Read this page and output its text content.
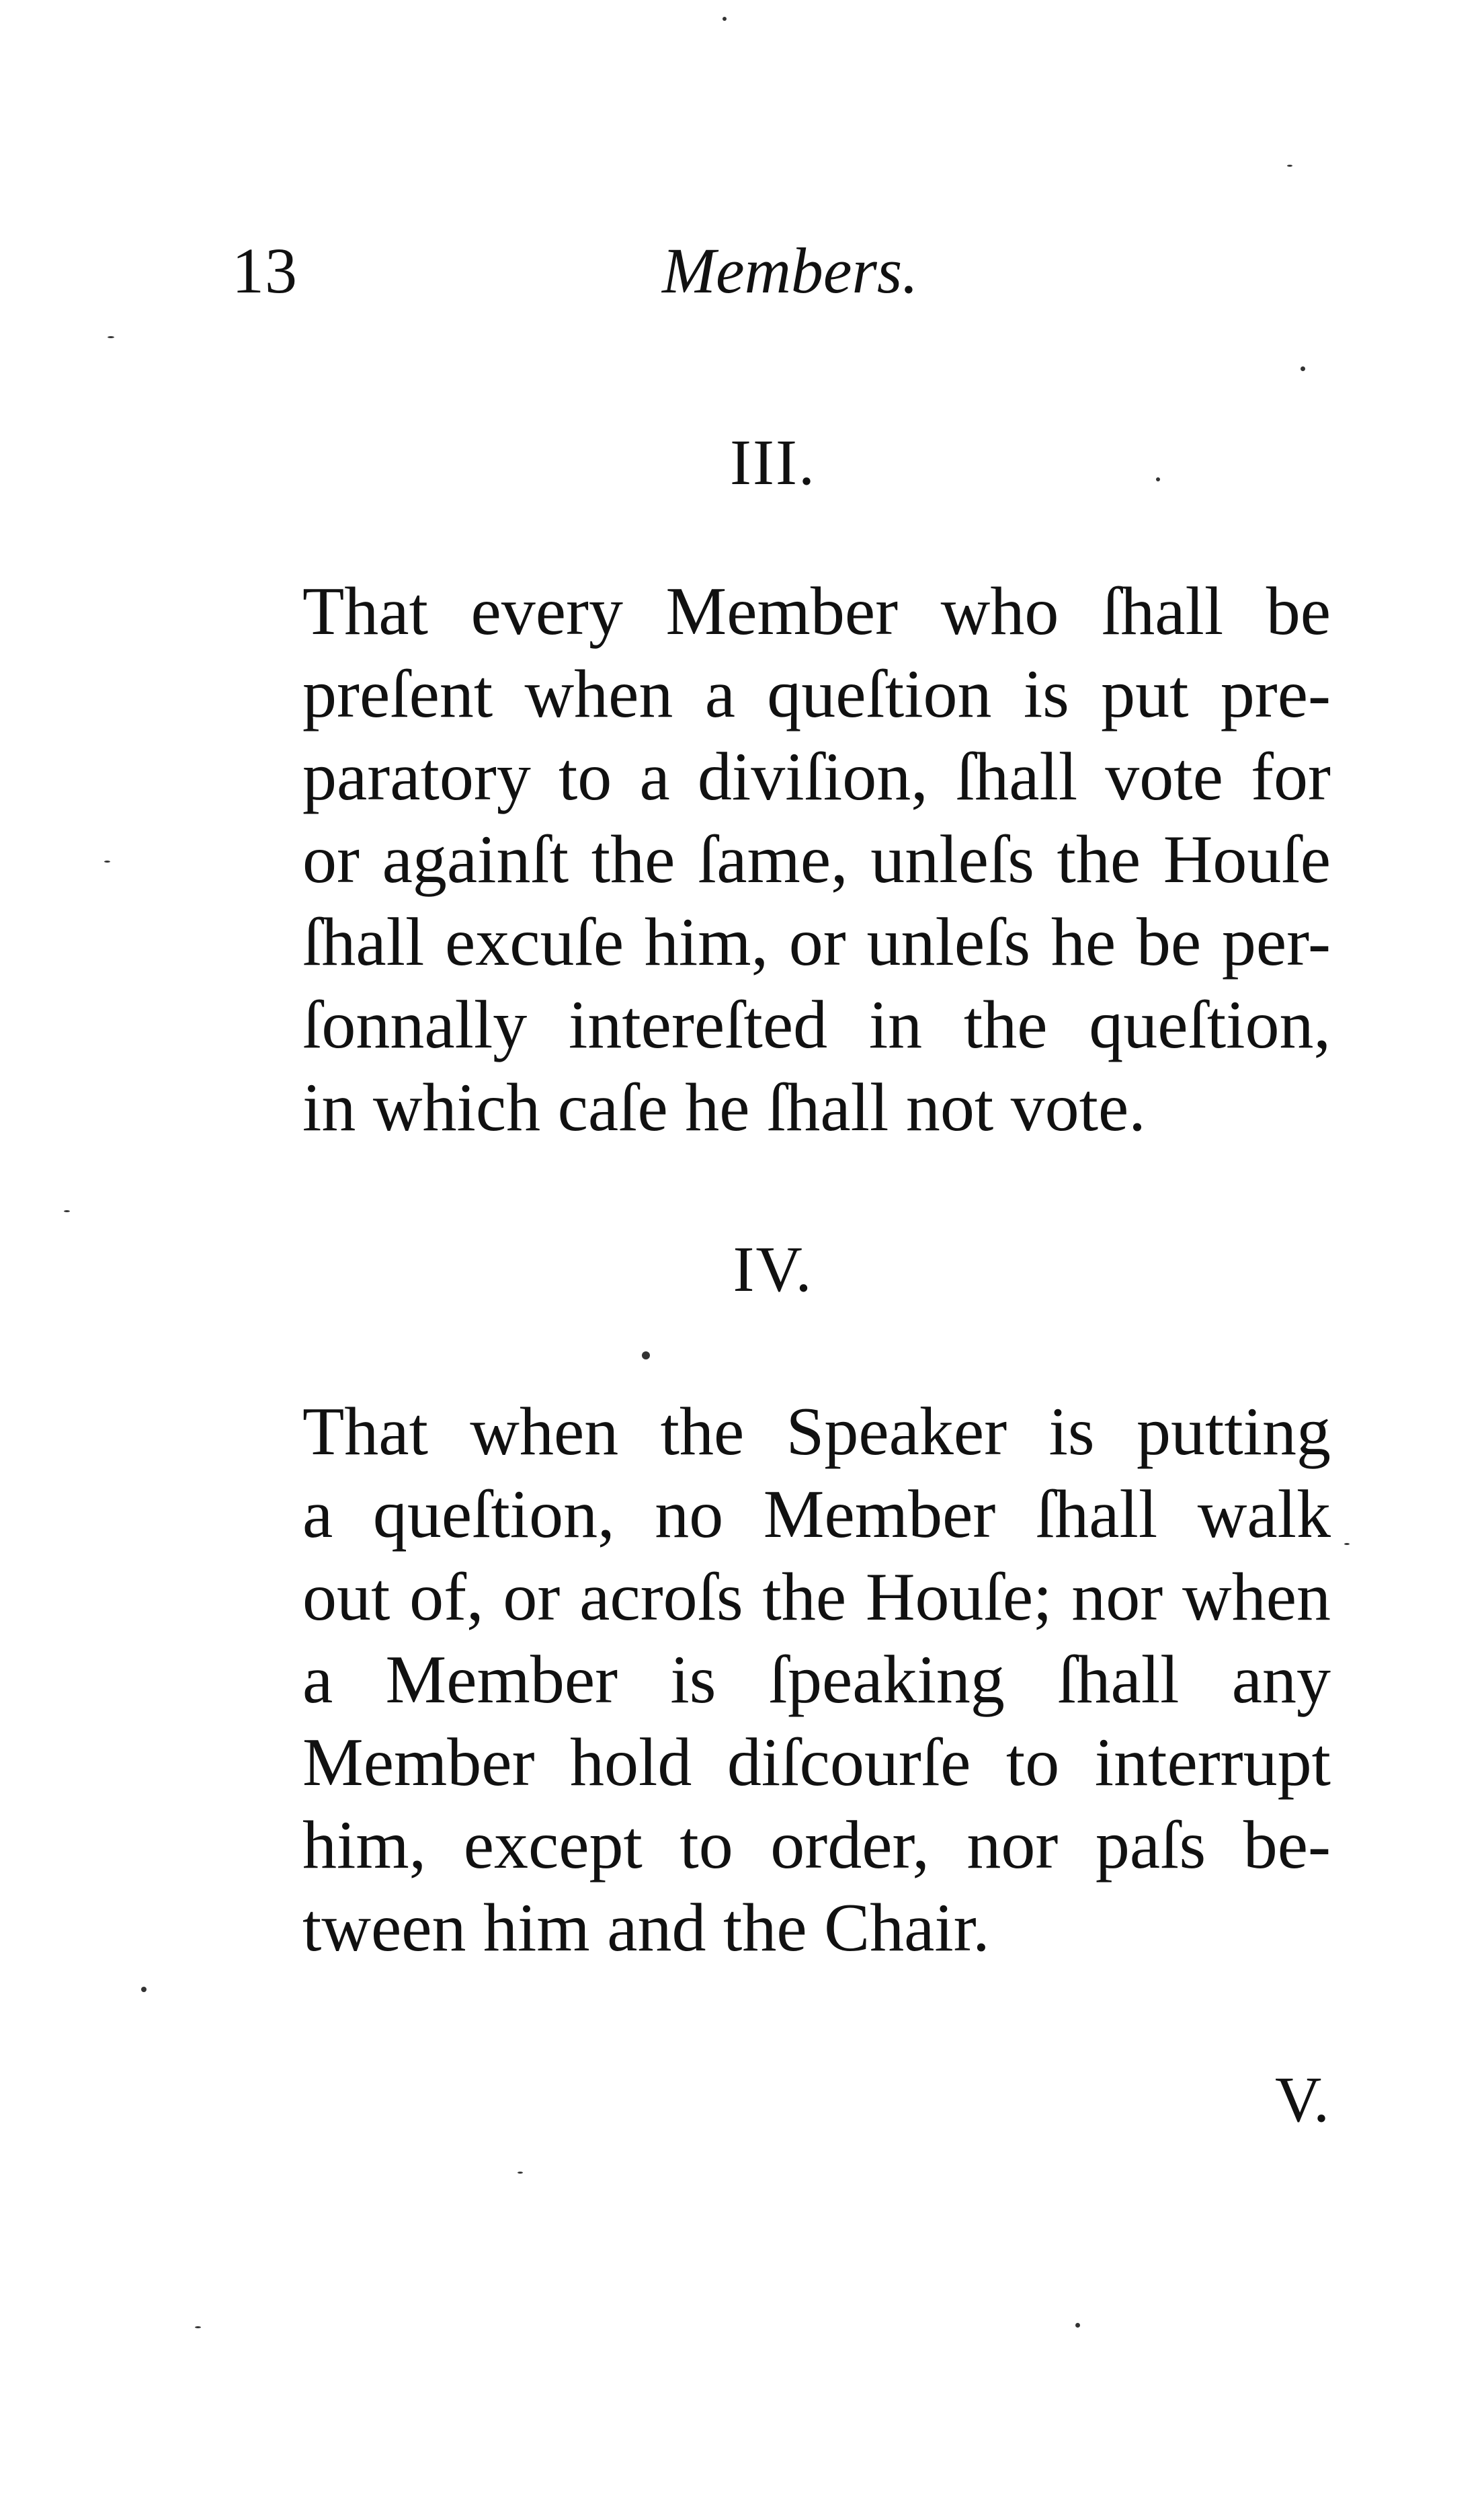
13	Members.
III.
That every Member who ſhall be
preſent when a queſtion is put pre-
paratory to a diviſion, ſhall vote for
or againſt the ſame, unleſs the Houſe
ſhall excuſe him, or unleſs he be per-
ſonnally intereſted in the queſtion,
in which caſe he ſhall not vote.
IV.
That when the Speaker is putting
a queſtion, no Member ſhall walk
out of, or acroſs the Houſe; nor when
a Member is ſpeaking ſhall any
Member hold diſcourſe to interrupt
him, except to order, nor paſs be-
tween him and the Chair.
V.
